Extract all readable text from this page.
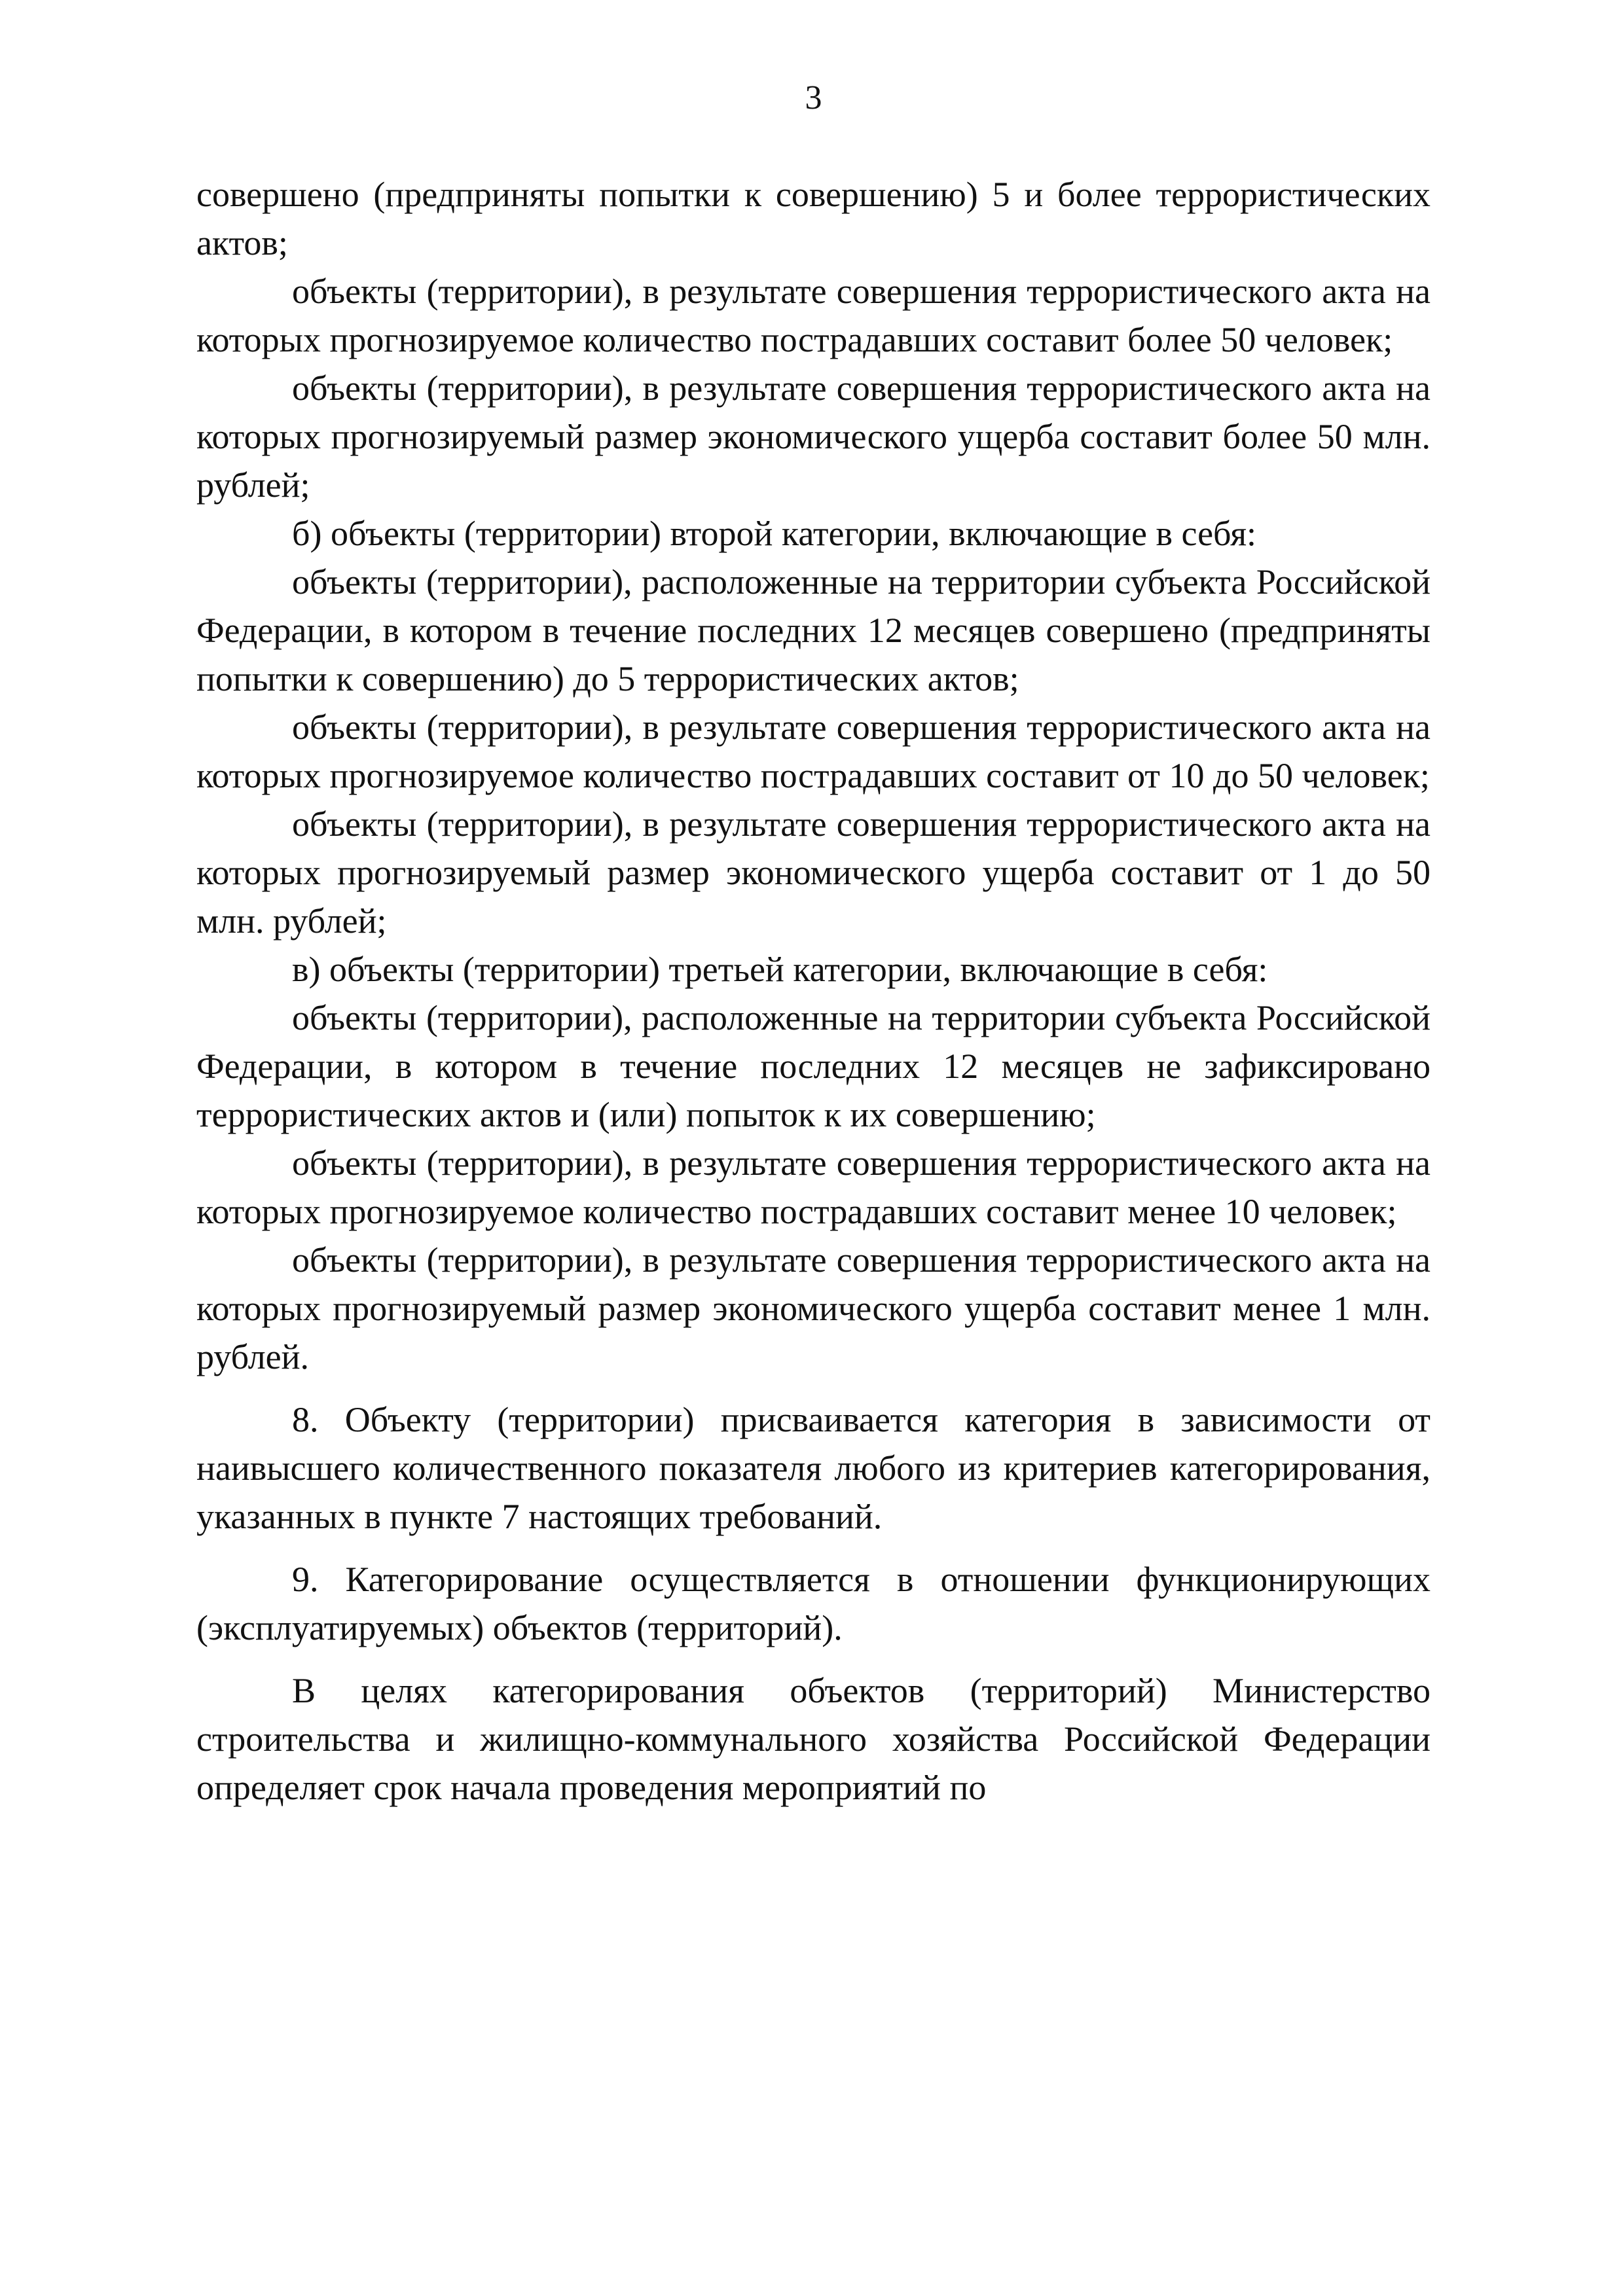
3

совершено (предприняты попытки к совершению) 5 и более террористических актов;

объекты (территории), в результате совершения террористического акта на которых прогнозируемое количество пострадавших составит более 50 человек;

объекты (территории), в результате совершения террористического акта на которых прогнозируемый размер экономического ущерба составит более 50 млн. рублей;

б) объекты (территории) второй категории, включающие в себя:

объекты (территории), расположенные на территории субъекта Российской Федерации, в котором в течение последних 12 месяцев совершено (предприняты попытки к совершению) до 5 террористических актов;

объекты (территории), в результате совершения террористического акта на которых прогнозируемое количество пострадавших составит от 10 до 50 человек;

объекты (территории), в результате совершения террористического акта на которых прогнозируемый размер экономического ущерба составит от 1 до 50 млн. рублей;

в) объекты (территории) третьей категории, включающие в себя:

объекты (территории), расположенные на территории субъекта Российской Федерации, в котором в течение последних 12 месяцев не зафиксировано террористических актов и (или) попыток к их совершению;

объекты (территории), в результате совершения террористического акта на которых прогнозируемое количество пострадавших составит менее 10 человек;

объекты (территории), в результате совершения террористического акта на которых прогнозируемый размер экономического ущерба составит менее 1 млн. рублей.

8. Объекту (территории) присваивается категория в зависимости от наивысшего количественного показателя любого из критериев категорирования, указанных в пункте 7 настоящих требований.

9. Категорирование осуществляется в отношении функционирующих (эксплуатируемых) объектов (территорий).

В целях категорирования объектов (территорий) Министерство строительства и жилищно-коммунального хозяйства Российской Федерации определяет срок начала проведения мероприятий по
